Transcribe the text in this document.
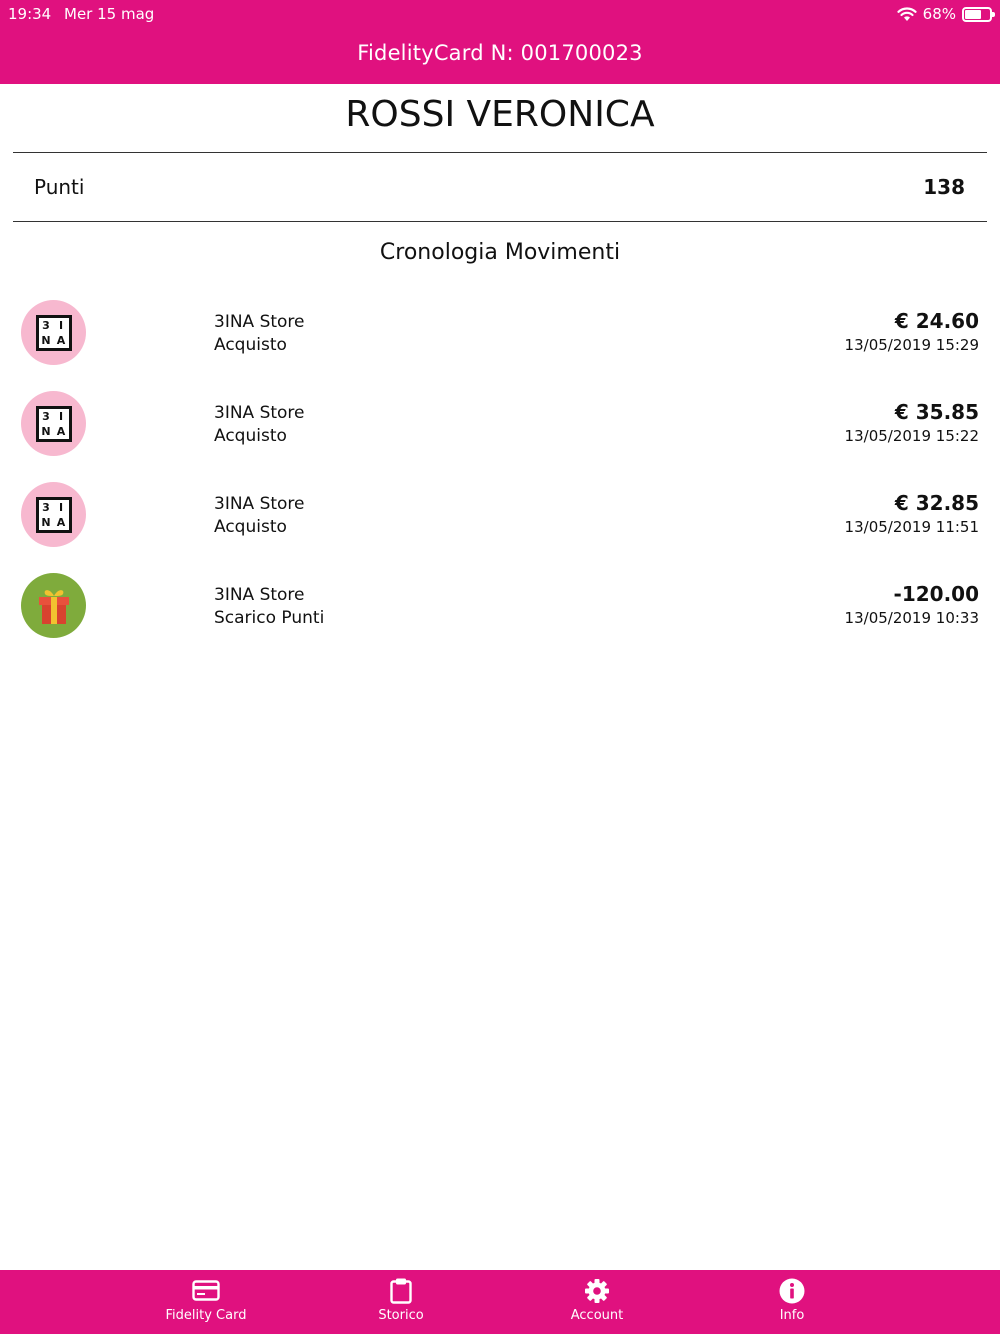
19:34 Mer 15 mag	68%
FidelityCard N: 001700023
ROSSI VERONICA
Punti	138
Cronologia Movimenti
3 I
N A
3INA Store
Acquisto
€ 24.60
13/05/2019 15:29
3 I
N A
3INA Store
Acquisto
€ 35.85
13/05/2019 15:22
3 I
N A
3INA Store
Acquisto
€ 32.85
13/05/2019 11:51
3INA Store
Scarico Punti
-120.00
13/05/2019 10:33
Fidelity Card	Storico	Account	Info
